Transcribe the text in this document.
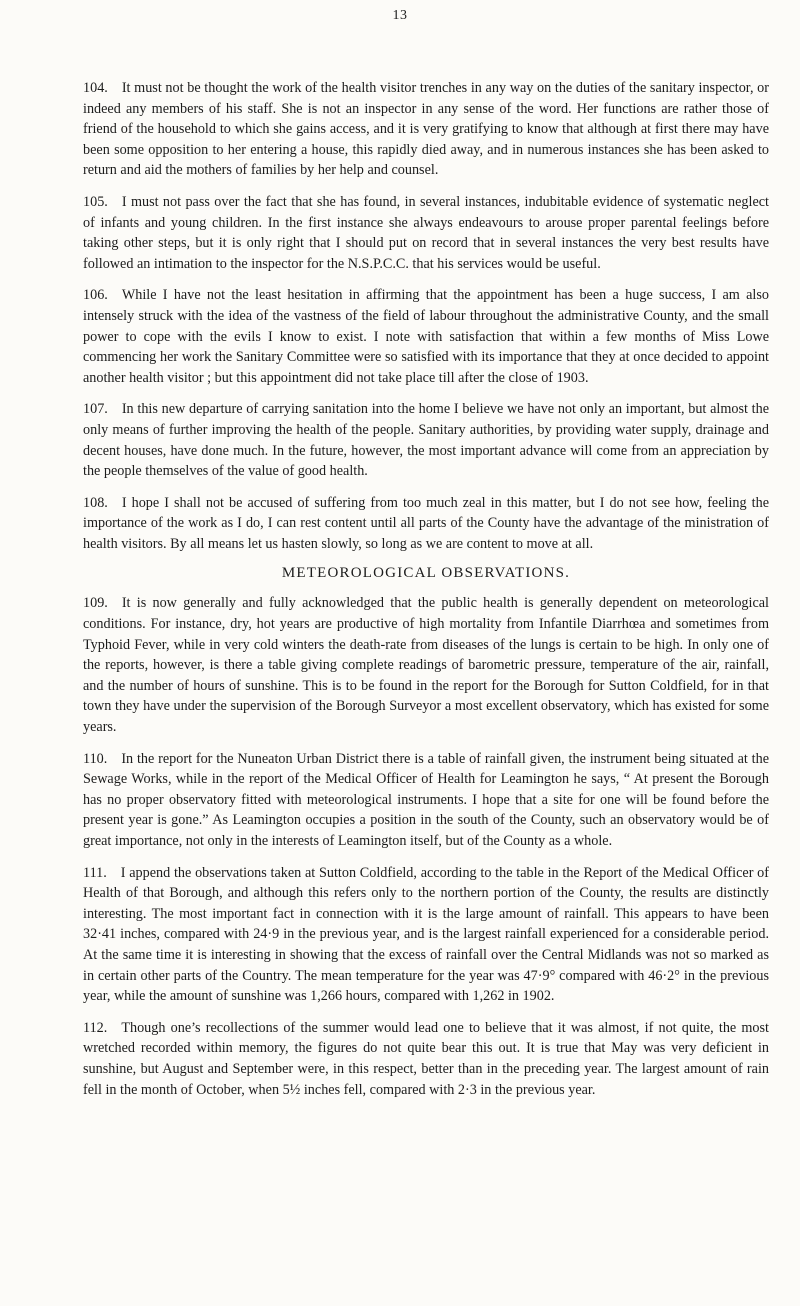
13

104. It must not be thought the work of the health visitor trenches in any way on the duties of the sanitary inspector, or indeed any members of his staff. She is not an inspector in any sense of the word. Her functions are rather those of friend of the household to which she gains access, and it is very gratifying to know that although at first there may have been some opposition to her entering a house, this rapidly died away, and in numerous instances she has been asked to return and aid the mothers of families by her help and counsel.

105. I must not pass over the fact that she has found, in several instances, indubitable evidence of systematic neglect of infants and young children. In the first instance she always endeavours to arouse proper parental feelings before taking other steps, but it is only right that I should put on record that in several instances the very best results have followed an intimation to the inspector for the N.S.P.C.C. that his services would be useful.

106. While I have not the least hesitation in affirming that the appointment has been a huge success, I am also intensely struck with the idea of the vastness of the field of labour throughout the administrative County, and the small power to cope with the evils I know to exist. I note with satisfaction that within a few months of Miss Lowe commencing her work the Sanitary Committee were so satisfied with its importance that they at once decided to appoint another health visitor ; but this appointment did not take place till after the close of 1903.

107. In this new departure of carrying sanitation into the home I believe we have not only an important, but almost the only means of further improving the health of the people. Sanitary authorities, by providing water supply, drainage and decent houses, have done much. In the future, however, the most important advance will come from an appreciation by the people themselves of the value of good health.

108. I hope I shall not be accused of suffering from too much zeal in this matter, but I do not see how, feeling the importance of the work as I do, I can rest content until all parts of the County have the advantage of the ministration of health visitors. By all means let us hasten slowly, so long as we are content to move at all.

METEOROLOGICAL OBSERVATIONS.

109. It is now generally and fully acknowledged that the public health is generally dependent on meteorological conditions. For instance, dry, hot years are productive of high mortality from Infantile Diarrhœa and sometimes from Typhoid Fever, while in very cold winters the death-rate from diseases of the lungs is certain to be high. In only one of the reports, however, is there a table giving complete readings of barometric pressure, temperature of the air, rainfall, and the number of hours of sunshine. This is to be found in the report for the Borough for Sutton Coldfield, for in that town they have under the supervision of the Borough Surveyor a most excellent observatory, which has existed for some years.

110. In the report for the Nuneaton Urban District there is a table of rainfall given, the instrument being situated at the Sewage Works, while in the report of the Medical Officer of Health for Leamington he says, “ At present the Borough has no proper observatory fitted with meteorological instruments. I hope that a site for one will be found before the present year is gone.” As Leamington occupies a position in the south of the County, such an observatory would be of great importance, not only in the interests of Leamington itself, but of the County as a whole.

111. I append the observations taken at Sutton Coldfield, according to the table in the Report of the Medical Officer of Health of that Borough, and although this refers only to the northern portion of the County, the results are distinctly interesting. The most important fact in connection with it is the large amount of rainfall. This appears to have been 32·41 inches, compared with 24·9 in the previous year, and is the largest rainfall experienced for a considerable period. At the same time it is interesting in showing that the excess of rainfall over the Central Midlands was not so marked as in certain other parts of the Country. The mean temperature for the year was 47·9° compared with 46·2° in the previous year, while the amount of sunshine was 1,266 hours, compared with 1,262 in 1902.

112. Though one’s recollections of the summer would lead one to believe that it was almost, if not quite, the most wretched recorded within memory, the figures do not quite bear this out. It is true that May was very deficient in sunshine, but August and September were, in this respect, better than in the preceding year. The largest amount of rain fell in the month of October, when 5½ inches fell, compared with 2·3 in the previous year.
